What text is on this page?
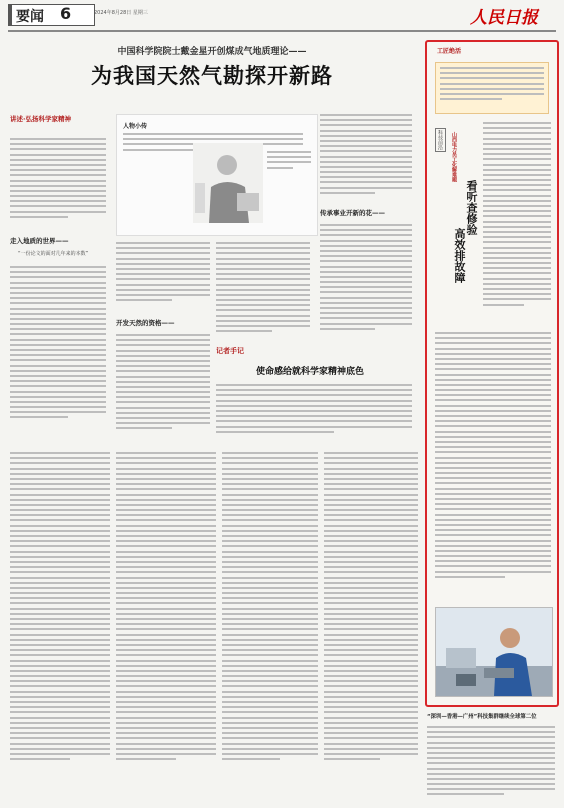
要闻 6	2024年8月28日 星期三	人民日报
中国科学院院士戴金星开创煤成气地质理论——
为我国天然气勘探开新路
讲述·弘扬科学家精神
走入地质的世界——
“一份论文的面对几年来的本数”
人物小传
开发天然的资格——
传承事业开新的花——
记者手记
使命感给就科学家精神底色
工匠绝活
科技前沿	山西电力员工化解难题
看听查修验
高效排故障
“深圳—香港—广州”科技集群继续全球第二位
